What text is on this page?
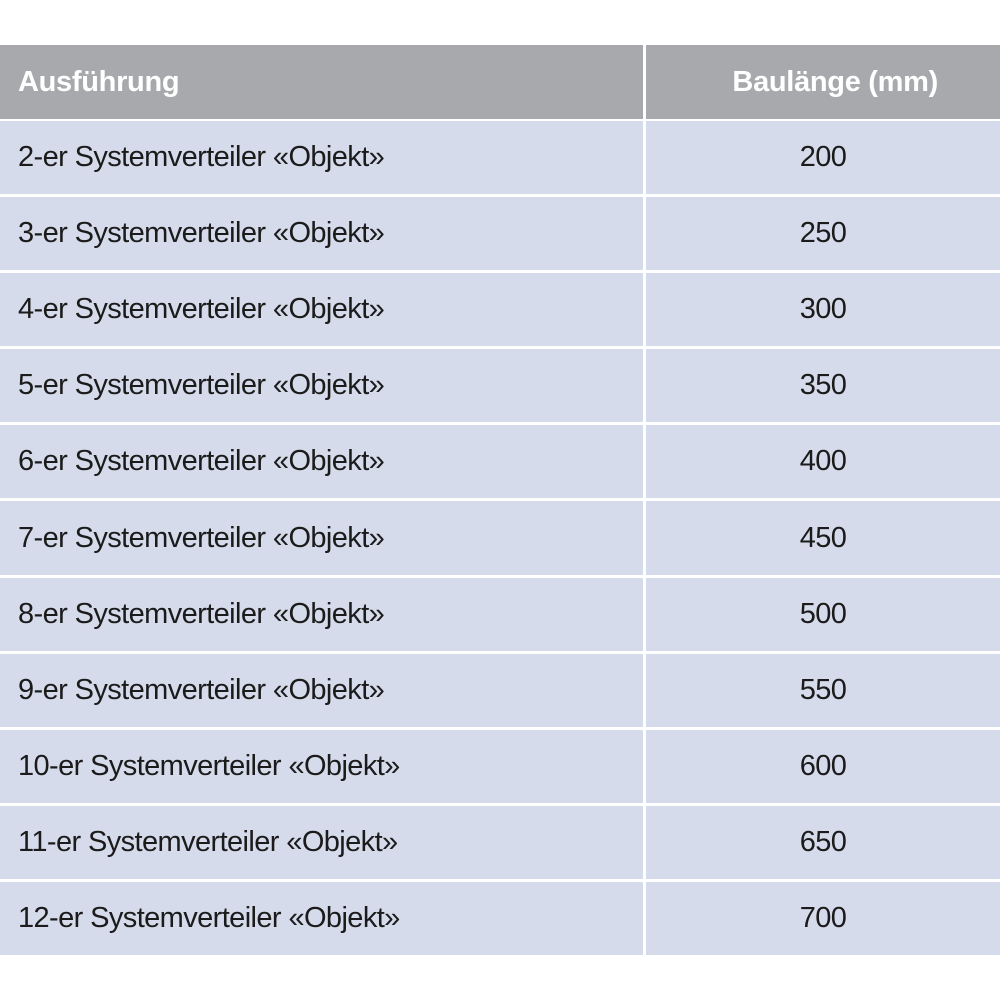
Ausführung	Baulänge (mm)
2-er Systemverteiler «Objekt»	200
3-er Systemverteiler «Objekt»	250
4-er Systemverteiler «Objekt»	300
5-er Systemverteiler «Objekt»	350
6-er Systemverteiler «Objekt»	400
7-er Systemverteiler «Objekt»	450
8-er Systemverteiler «Objekt»	500
9-er Systemverteiler «Objekt»	550
10-er Systemverteiler «Objekt»	600
11-er Systemverteiler «Objekt»	650
12-er Systemverteiler «Objekt»	700
